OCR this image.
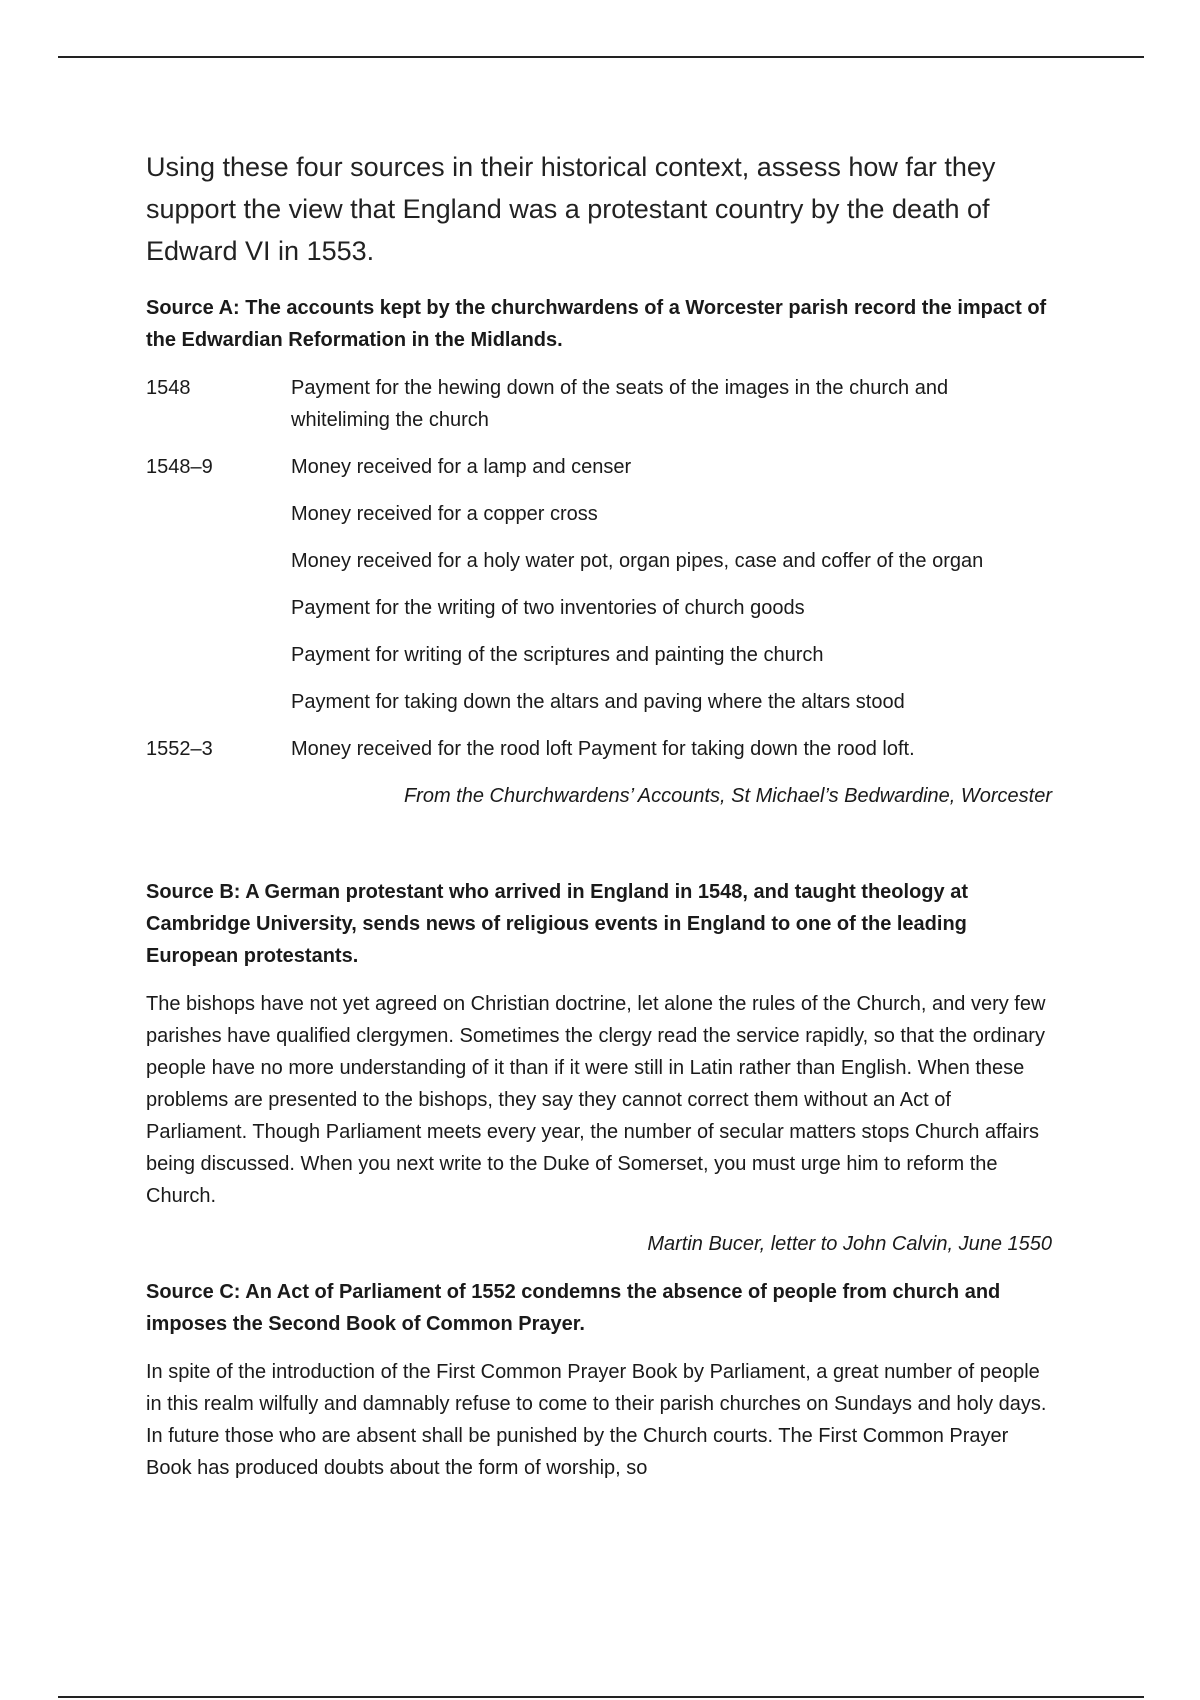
Using these four sources in their historical context, assess how far they support the view that England was a protestant country by the death of Edward VI in 1553.

Source A: The accounts kept by the churchwardens of a Worcester parish record the impact of the Edwardian Reformation in the Midlands.

1548	Payment for the hewing down of the seats of the images in the church and whiteliming the church
1548–9	Money received for a lamp and censer
Money received for a copper cross
Money received for a holy water pot, organ pipes, case and coffer of the organ
Payment for the writing of two inventories of church goods
Payment for writing of the scriptures and painting the church
Payment for taking down the altars and paving where the altars stood
1552–3	Money received for the rood loft Payment for taking down the rood loft.

From the Churchwardens’ Accounts, St Michael’s Bedwardine, Worcester

Source B: A German protestant who arrived in England in 1548, and taught theology at Cambridge University, sends news of religious events in England to one of the leading European protestants.

The bishops have not yet agreed on Christian doctrine, let alone the rules of the Church, and very few parishes have qualified clergymen. Sometimes the clergy read the service rapidly, so that the ordinary people have no more understanding of it than if it were still in Latin rather than English. When these problems are presented to the bishops, they say they cannot correct them without an Act of Parliament. Though Parliament meets every year, the number of secular matters stops Church affairs being discussed. When you next write to the Duke of Somerset, you must urge him to reform the Church.

Martin Bucer, letter to John Calvin, June 1550

Source C: An Act of Parliament of 1552 condemns the absence of people from church and imposes the Second Book of Common Prayer.

In spite of the introduction of the First Common Prayer Book by Parliament, a great number of people in this realm wilfully and damnably refuse to come to their parish churches on Sundays and holy days. In future those who are absent shall be punished by the Church courts. The First Common Prayer Book has produced doubts about the form of worship, so
